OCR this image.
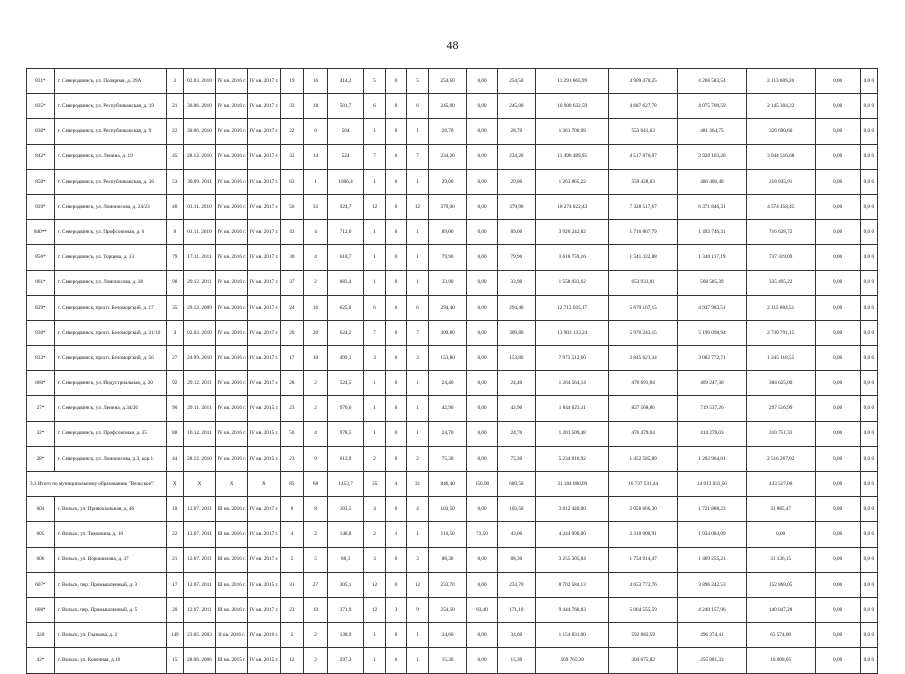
48
831*	г. Северодвинск, ул. Полярная, д. 29А	3	02.03. 2010	IV кв. 2016 г.	IV кв. 2017 г.	19	16	414,2	5	0	5	254,50	0,00	254,50	11 291 665,99	4 909 470,25	4 268 583,54	2 113 609,20	0,00	0,0 0
835*	г. Северодвинск, ул. Республиканская, д. 19	21	30.06. 2010	IV кв. 2016 г.	IV кв. 2017 г.	33	18	501,7	6	0	6	245,00	0,00	245,00	10 908 632,59	4 687 627,78	4 075 700,59	2 145 304,22	0,00	0,0 0
836*	г. Северодвинск, ул. Республиканская, д. 9	22	30.06. 2010	IV кв. 2016 г.	IV кв. 2017 г.	22	6	504	1	0	1	28,70	0,00	28,70	1 361 700,98	553 641,63	481 364,75	326 690,60	0,00	0,0 0
842*	г. Северодвинск, ул. Ленина, д. 19	45	28.12. 2010	IV кв. 2016 г.	IV кв. 2017 г.	32	14	524	7	0	7	234,20	0,00	234,20	11 490 489,95	4 517 870,07	3 928 103,20	3 044 516,68	0,00	0,0 0
850*	г. Северодвинск, ул. Республиканская, д. 36	53	30.09. 2011	IV кв. 2016 г.	IV кв. 2017 г.	63	1	1006,4	1	0	1	29,00	0,00	29,00	1 263 865,22	559 428,83	486 400,48	218 035,91	0,00	0,0 0
839*	г. Северодвинск, ул. Ломоносова, д. 24/23	40	01.11. 2010	IV кв. 2016 г.	IV кв. 2017 г.	56	33	924,7	12	0	12	379,90	0,00	379,90	18 274 822,43	7 328 517,67	6 371 846,31	4 574 458,45	0,00	0,0 0
840**	г. Северодвинск, ул. Профсоюзная, д. 6	8	01.11. 2010	IV кв. 2016 г.	IV кв. 2017 г.	43	4	712,6	1	0	1	89,00	0,00	89,00	3 926 242,82	1 716 867,79	1 492 746,31	716 628,72	0,00	0,0 0
856*	г. Северодвинск, ул. Торцева, д. 13	79	17.11. 2011	IV кв. 2016 г.	IV кв. 2017 г.	30	4	610,7	1	0	1	79,90	0,00	79,90	3 618 759,16	1 541 322,88	1 340 117,19	737 319,09	0,00	0,0 0
861*	г. Северодвинск, ул. Ломоносова, д. 38	98	29.12. 2011	IV кв. 2016 г.	IV кв. 2017 г.	37	2	883,4	1	0	1	33,90	0,00	33,90	1 558 033,62	653 933,81	568 585,39	335 495,22	0,00	0,0 0
829*	г. Северодвинск, просп. Беломорский, д. 17	35	29.12. 2009	IV кв. 2016 г.	IV кв. 2017 г.	24	16	625,0	6	0	6	294,40	0,00	294,40	12 712 035,17	5 679 167,15	4 937 983,51	2 115 884,51	0,00	0,0 0
830*	г. Северодвинск, просп. Беломорский, д. 21/16	4	02.03. 2010	IV кв. 2016 г.	IV кв. 2017 г.	20	20	624,2	7	0	7	309,80	0,00	309,80	13 903 133,24	5 976 243,15	5 196 098,94	2 730 791,15	0,00	0,0 0
833*	г. Северодвинск, просп. Беломорский, д. 56	27	24.09. 2010	IV кв. 2016 г.	IV кв. 2017 г.	17	10	499,1	3	0	3	153,80	0,00	153,80	7 973 512,60	3 845 621,34	3 082 772,71	1 345 118,55	0,00	0,0 0
860*	г. Северодвинск, ул. Индустриальная, д. 20	92	29.12. 2011	IV кв. 2016 г.	IV кв. 2017 г.	28	2	524,5	1	0	1	24,40	0,00	24,40	1 264 564,14	470 691,84	409 247,30	384 625,00	0,00	0,0 0
27*	г. Северодвинск, ул. Ленина, д.34/26	90	29.11. 2011	IV кв. 2016 г.	IV кв. 2015 г.	23	2	976,6	1	0	1	42,90	0,00	42,90	1 844 623,11	827 568,86	719 537,26	297 516,99	0,00	0,0 0
32*	г. Северодвинск, ул. Профсоюзная, д. 35	88	16.12. 2011	IV кв. 2016 г.	IV кв. 2015 г.	50	4	978,5	1	0	1	24,70	0,00	24,70	1 201 509,48	476 479,04	414 279,03	310 751,33	0,00	0,0 0
28*	г. Северодвинск, ул. Ломоносова, д.3, кор.1	44	28.12. 2010	IV кв. 2016 г.	IV кв. 2015 г.	23	9	613,9	2	0	2	75,30	0,00	75,30	5 234 816,92	1 452 585,89	1 262 964,01	2 516 267,02	0,00	0,0 0
3.3 Итого по муниципальному образованию "Вельское":		X	X	X	X	85	68	1453,7	35	4	31	846,40	156,90	689,50	31 184 080,09	16 737 531,44	14 013 031,56	433 517,00	0,00	0,0 0
604	г. Вельск, ул. Привокзальная, д. 46	18	12.07. 2011	III кв. 2016 г.	IV кв. 2017 г.	8	8	103,5	4	0	4	103,50	0,00	103,50	3 812 440,00	2 056 666,30	1 721 888,23	33 885,47	0,00	0,0 0
605	г. Вельск, ул. Тимонина, д. 10	22	12.07. 2011	III кв. 2016 г.	IV кв. 2017 г.	4	2	148,8	2	1	1	116,50	73,50	43,00	4 244 090,00	2 310 000,91	1 934 084,09	0,00	0,00	0,0 0
606	г. Вельск, ул. Ворошилова, д. 37	21	12.07. 2011	III кв. 2016 г.	IV кв. 2017 г.	5	5	88,3	3	0	3	88,30	0,00	88,30	3 255 305,84	1 754 914,47	1 469 255,21	31 136,15	0,00	0,0 0
607*	г. Вельск, пер. Промышленный, д. 3	17	12.07. 2011	III кв. 2016 г.	IV кв. 2015 г.	31	27	305,1	12	0	12	233,70	0,00	233,70	8 702 584,13	4 653 773,76	3 896 242,53	152 868,05	0,00	0,0 0
608*	г. Вельск, пер. Промышленный, д. 5	20	12.07. 2011	III кв. 2016 г.	IV кв. 2017 г.	23	19	371,9	12	3	9	254,50	83,40	171,10	9 444 760,83	5 064 555,59	4 240 157,96	140 047,28	0,00	0,0 0
320	г. Вельск, ул. Глазкова, д. 2	149	23.05. 2003	II кв. 2016 г.	IV кв. 2016 г.	2	2	138,9	1	0	1	34,60	0,00	34,60	1 154 831,00	592 882,59	496 374,41	65 574,00	0,00	0,0 0
43*	г. Вельск, ул. Конечная, д.16	15	28.06. 2006	III кв. 2015 г.	IV кв. 2015 г.	12	2	297,2	1	0	1	15,30	0,00	15,30	569 765,20	304 675,82	255 081,33	10 008,05	0,00	0,0 0
